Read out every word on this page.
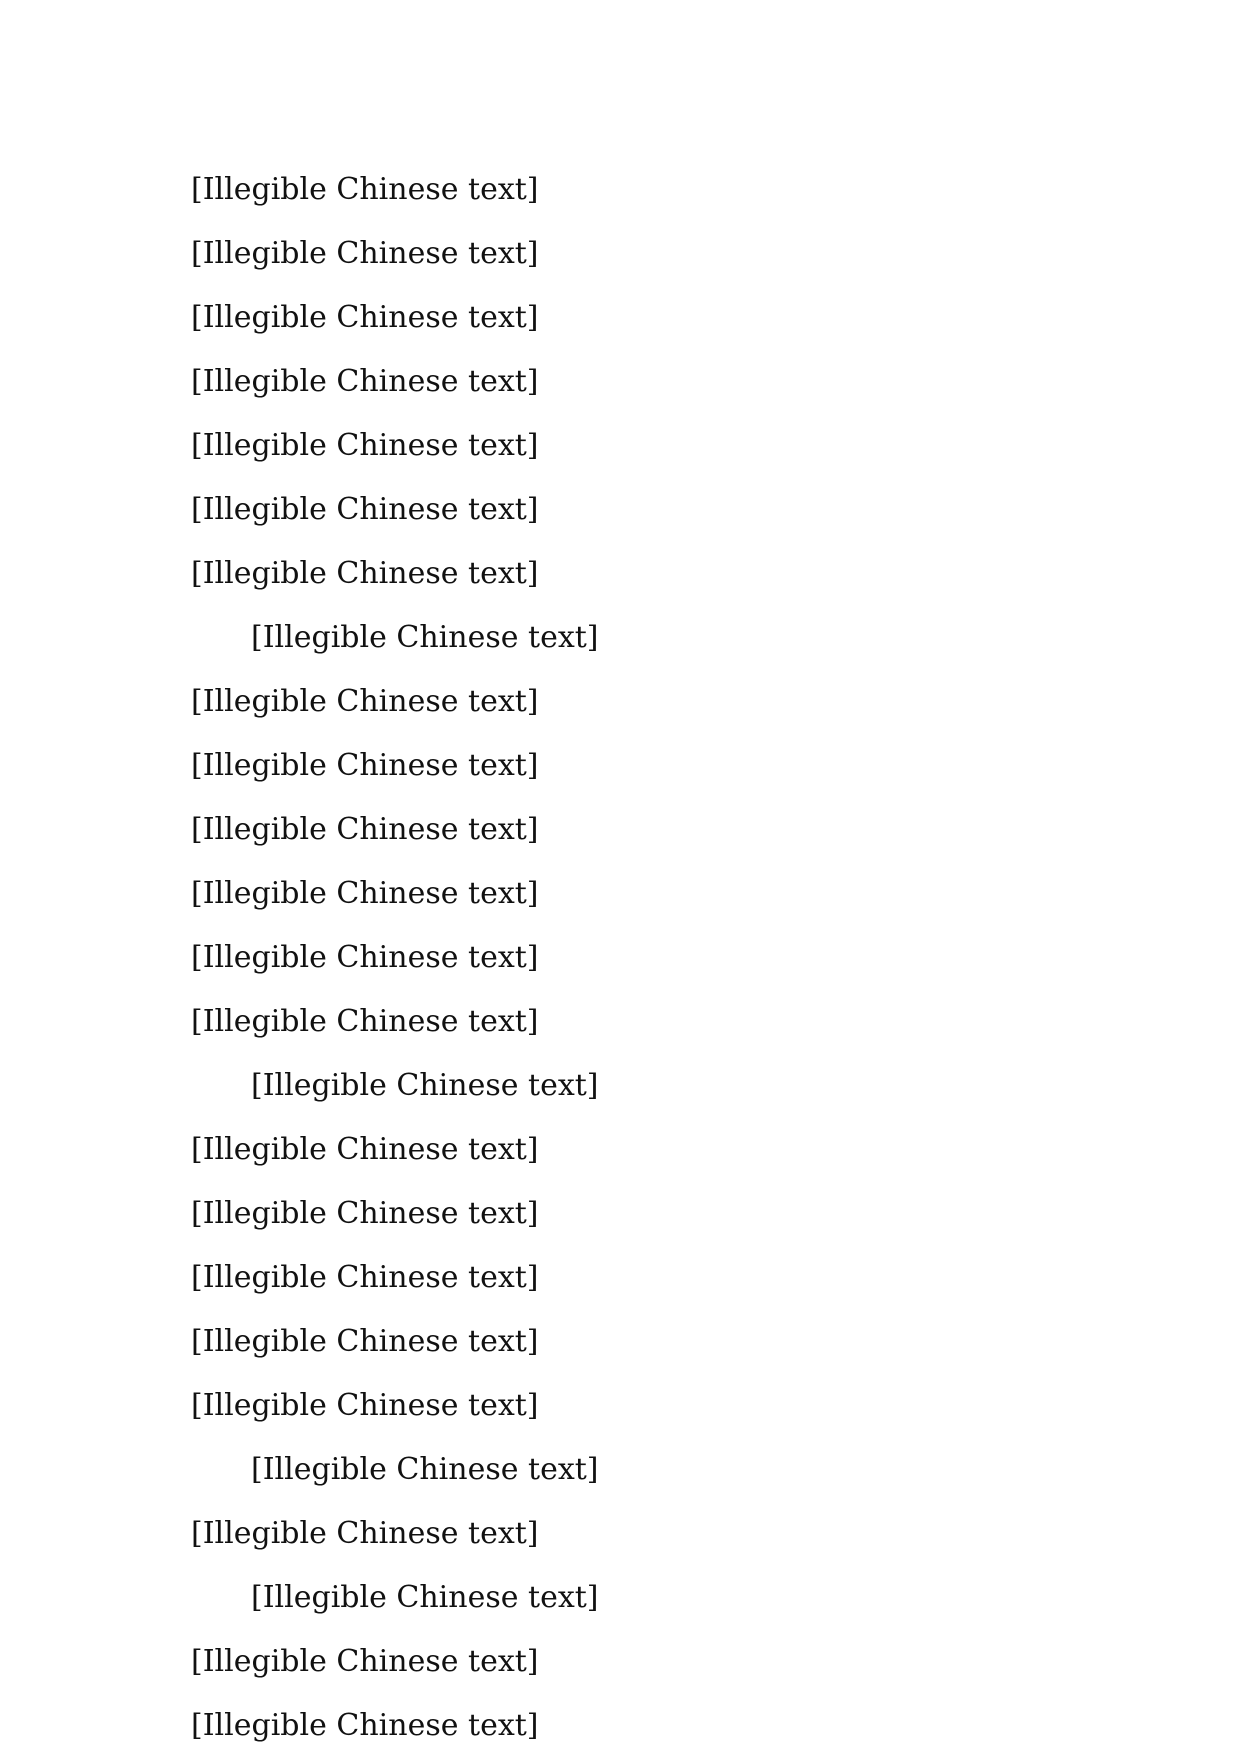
[Illegible Chinese text]
[Illegible Chinese text]
[Illegible Chinese text]
[Illegible Chinese text]
[Illegible Chinese text]
[Illegible Chinese text]
[Illegible Chinese text]
[Illegible Chinese text]
[Illegible Chinese text]
[Illegible Chinese text]
[Illegible Chinese text]
[Illegible Chinese text]
[Illegible Chinese text]
[Illegible Chinese text]
[Illegible Chinese text]
[Illegible Chinese text]
[Illegible Chinese text]
[Illegible Chinese text]
[Illegible Chinese text]
[Illegible Chinese text]
[Illegible Chinese text]
[Illegible Chinese text]
[Illegible Chinese text]
[Illegible Chinese text]
[Illegible Chinese text]
